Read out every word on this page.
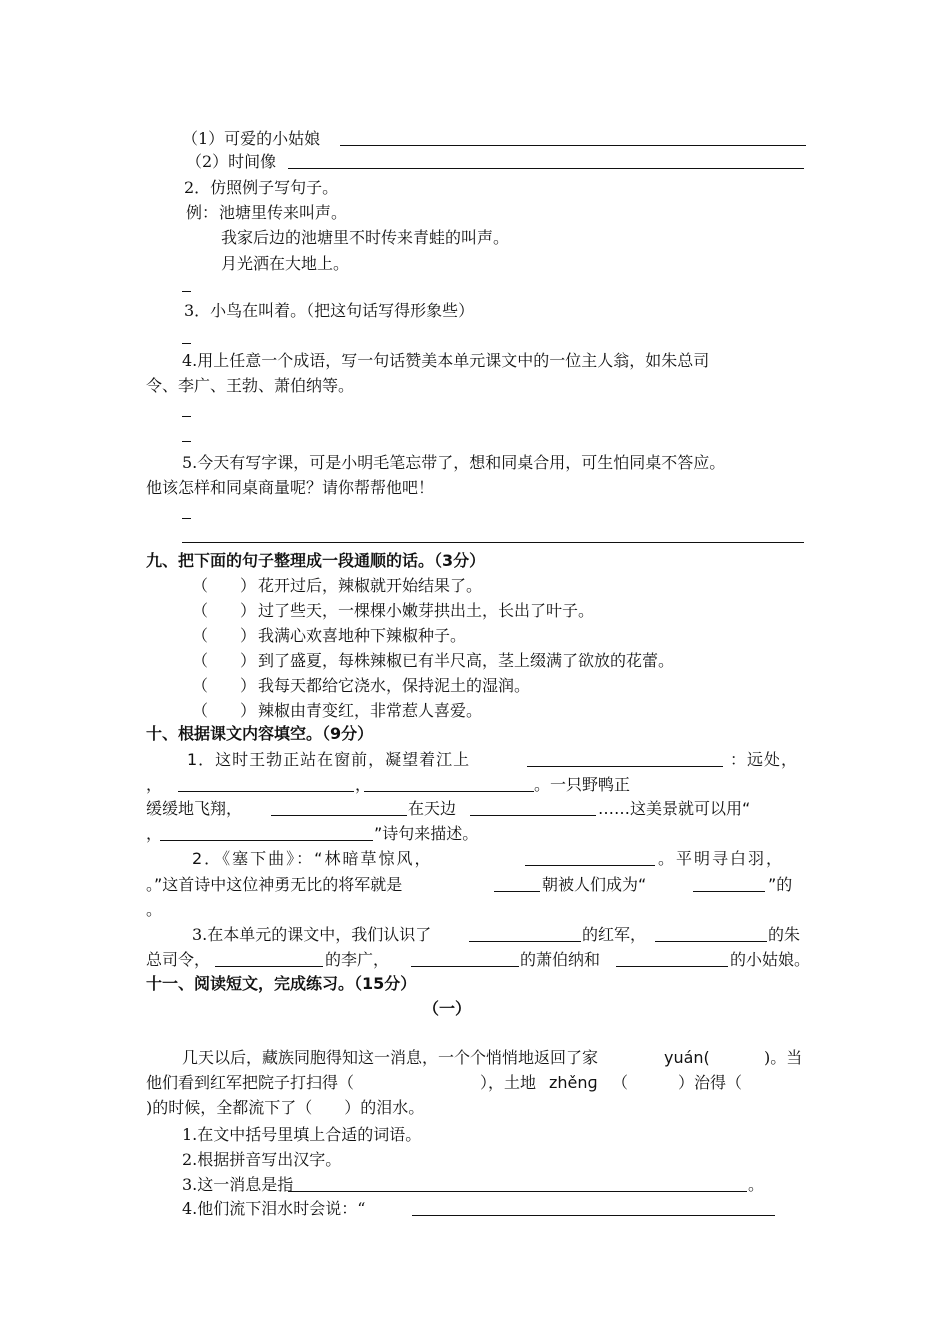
（1）可爱的小姑娘
（2）时间像
2．仿照例子写句子。
例： 池塘里传来叫声。
我家后边的池塘里不时传来青蛙的叫声。
月光洒在大地上。
3．小鸟在叫着。（把这句话写得形象些）
4.用上任意一个成语，写一句话赞美本单元课文中的一位主人翁，如朱总司
令、李广、王勃、萧伯纳等。
5.今天有写字课，可是小明毛笔忘带了，想和同桌合用，可生怕同桌不答应。
他该怎样和同桌商量呢？请你帮帮他吧！
九、把下面的句子整理成一段通顺的话。（3分）
（　　） 花开过后，辣椒就开始结果了。
（　　） 过了些天，一棵棵小嫩芽拱出土，长出了叶子。
（　　） 我满心欢喜地种下辣椒种子。
（　　） 到了盛夏，每株辣椒已有半尺高，茎上缀满了欲放的花蕾。
（　　） 我每天都给它浇水，保持泥土的湿润。
（　　） 辣椒由青变红，非常惹人喜爱。
十、根据课文内容填空。（9分）
1．这时王勃正站在窗前，凝望着江上	：远处，
，	，	。一只野鸭正
缓缓地飞翔，	在天边	……这美景就可以用“
，	”诗句来描述。
2．《塞下曲》：“林暗草惊风，	。平明寻白羽，
。”这首诗中这位神勇无比的将军就是	朝被人们成为“	”的
。
3.在本单元的课文中，我们认识了	的红军，	的朱
总司令，	的李广，	的萧伯纳和	的小姑娘。
十一、阅读短文，完成练习。（15分）
（一）
几天以后，藏族同胞得知这一消息，一个个悄悄地返回了家	yuán(	)。当
他们看到红军把院子打扫得（	），土地 zhěnɡ （	）治得（
)的时候，全都流下了（　　）的泪水。
1.在文中括号里填上合适的词语。
2.根据拼音写出汉字。
3.这一消息是指	。
4.他们流下泪水时会说：“
